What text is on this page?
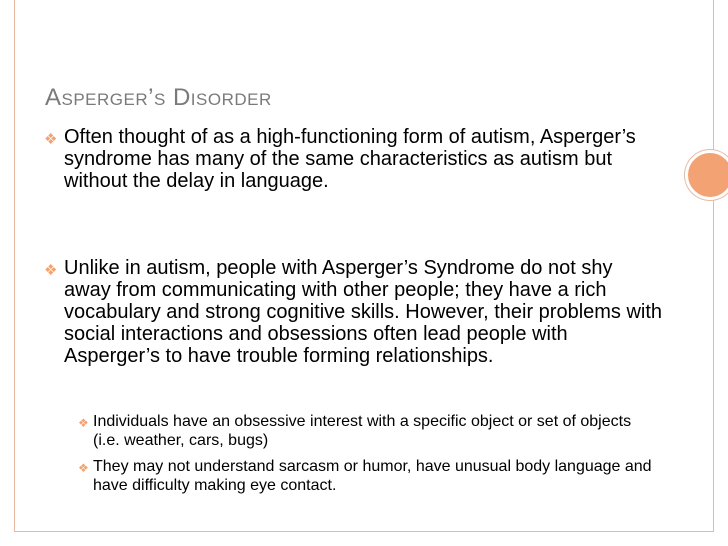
Asperger’s Disorder
❖ Often thought of as a high-functioning form of autism, Asperger’s syndrome has many of the same characteristics as autism but without the delay in language.
❖ Unlike in autism, people with Asperger’s Syndrome do not shy away from communicating with other people; they have a rich vocabulary and strong cognitive skills. However, their problems with social interactions and obsessions often lead people with Asperger’s to have trouble forming relationships.
❖ Individuals have an obsessive interest with a specific object or set of objects (i.e. weather, cars, bugs)
❖ They may not understand sarcasm or humor, have unusual body language and have difficulty making eye contact.
